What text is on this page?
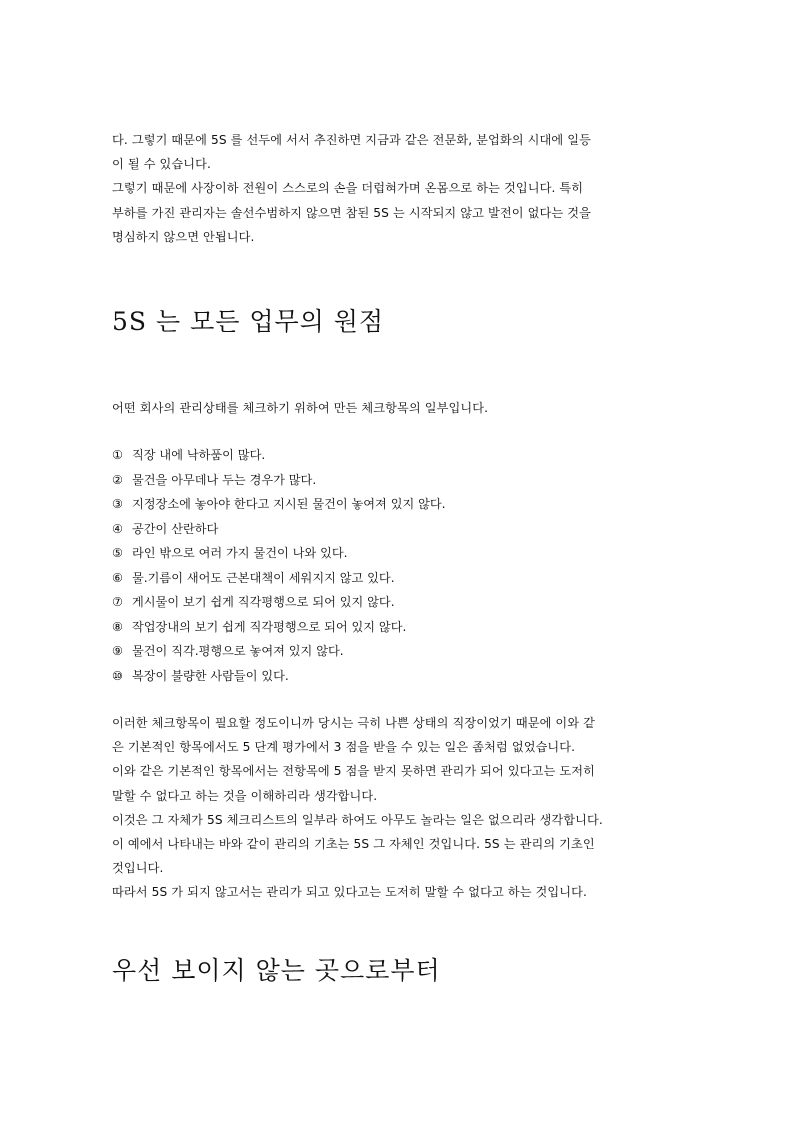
다. 그렇기 때문에 5S 를 선두에 서서 추진하면 지금과 같은 전문화, 분업화의 시대에 일등
이 될 수 있습니다.
그렇기 때문에 사장이하 전원이 스스로의 손을 더럽혀가며 온몸으로 하는 것입니다. 특히
부하를 가진 관리자는 솔선수범하지 않으면 참된 5S 는 시작되지 않고 발전이 없다는 것을
명심하지 않으면 안됩니다.

5S 는 모든 업무의 원점

어떤 회사의 관리상태를 체크하기 위하여 만든 체크항목의 일부입니다.

① 직장 내에 낙하품이 많다.
② 물건을 아무데나 두는 경우가 많다.
③ 지정장소에 놓아야 한다고 지시된 물건이 놓여져 있지 않다.
④ 공간이 산란하다
⑤ 라인 밖으로 여러 가지 물건이 나와 있다.
⑥ 물.기름이 새어도 근본대책이 세워지지 않고 있다.
⑦ 게시물이 보기 쉽게 직각평행으로 되어 있지 않다.
⑧ 작업장내의 보기 쉽게 직각평행으로 되어 있지 않다.
⑨ 물건이 직각.평행으로 놓여져 있지 않다.
⑩ 복장이 불량한 사람들이 있다.

이러한 체크항목이 필요할 정도이니까 당시는 극히 나쁜 상태의 직장이었기 때문에 이와 같
은 기본적인 항목에서도 5 단계 평가에서 3 점을 받을 수 있는 일은 좀처럼 없었습니다.
이와 같은 기본적인 항목에서는 전항목에 5 점을 받지 못하면 관리가 되어 있다고는 도저히
말할 수 없다고 하는 것을 이해하리라 생각합니다.
이것은 그 자체가 5S 체크리스트의 일부라 하여도 아무도 놀라는 일은 없으리라 생각합니다.
이 예에서 나타내는 바와 같이 관리의 기초는 5S 그 자체인 것입니다. 5S 는 관리의 기초인
것입니다.
따라서 5S 가 되지 않고서는 관리가 되고 있다고는 도저히 말할 수 없다고 하는 것입니다.

우선 보이지 않는 곳으로부터
